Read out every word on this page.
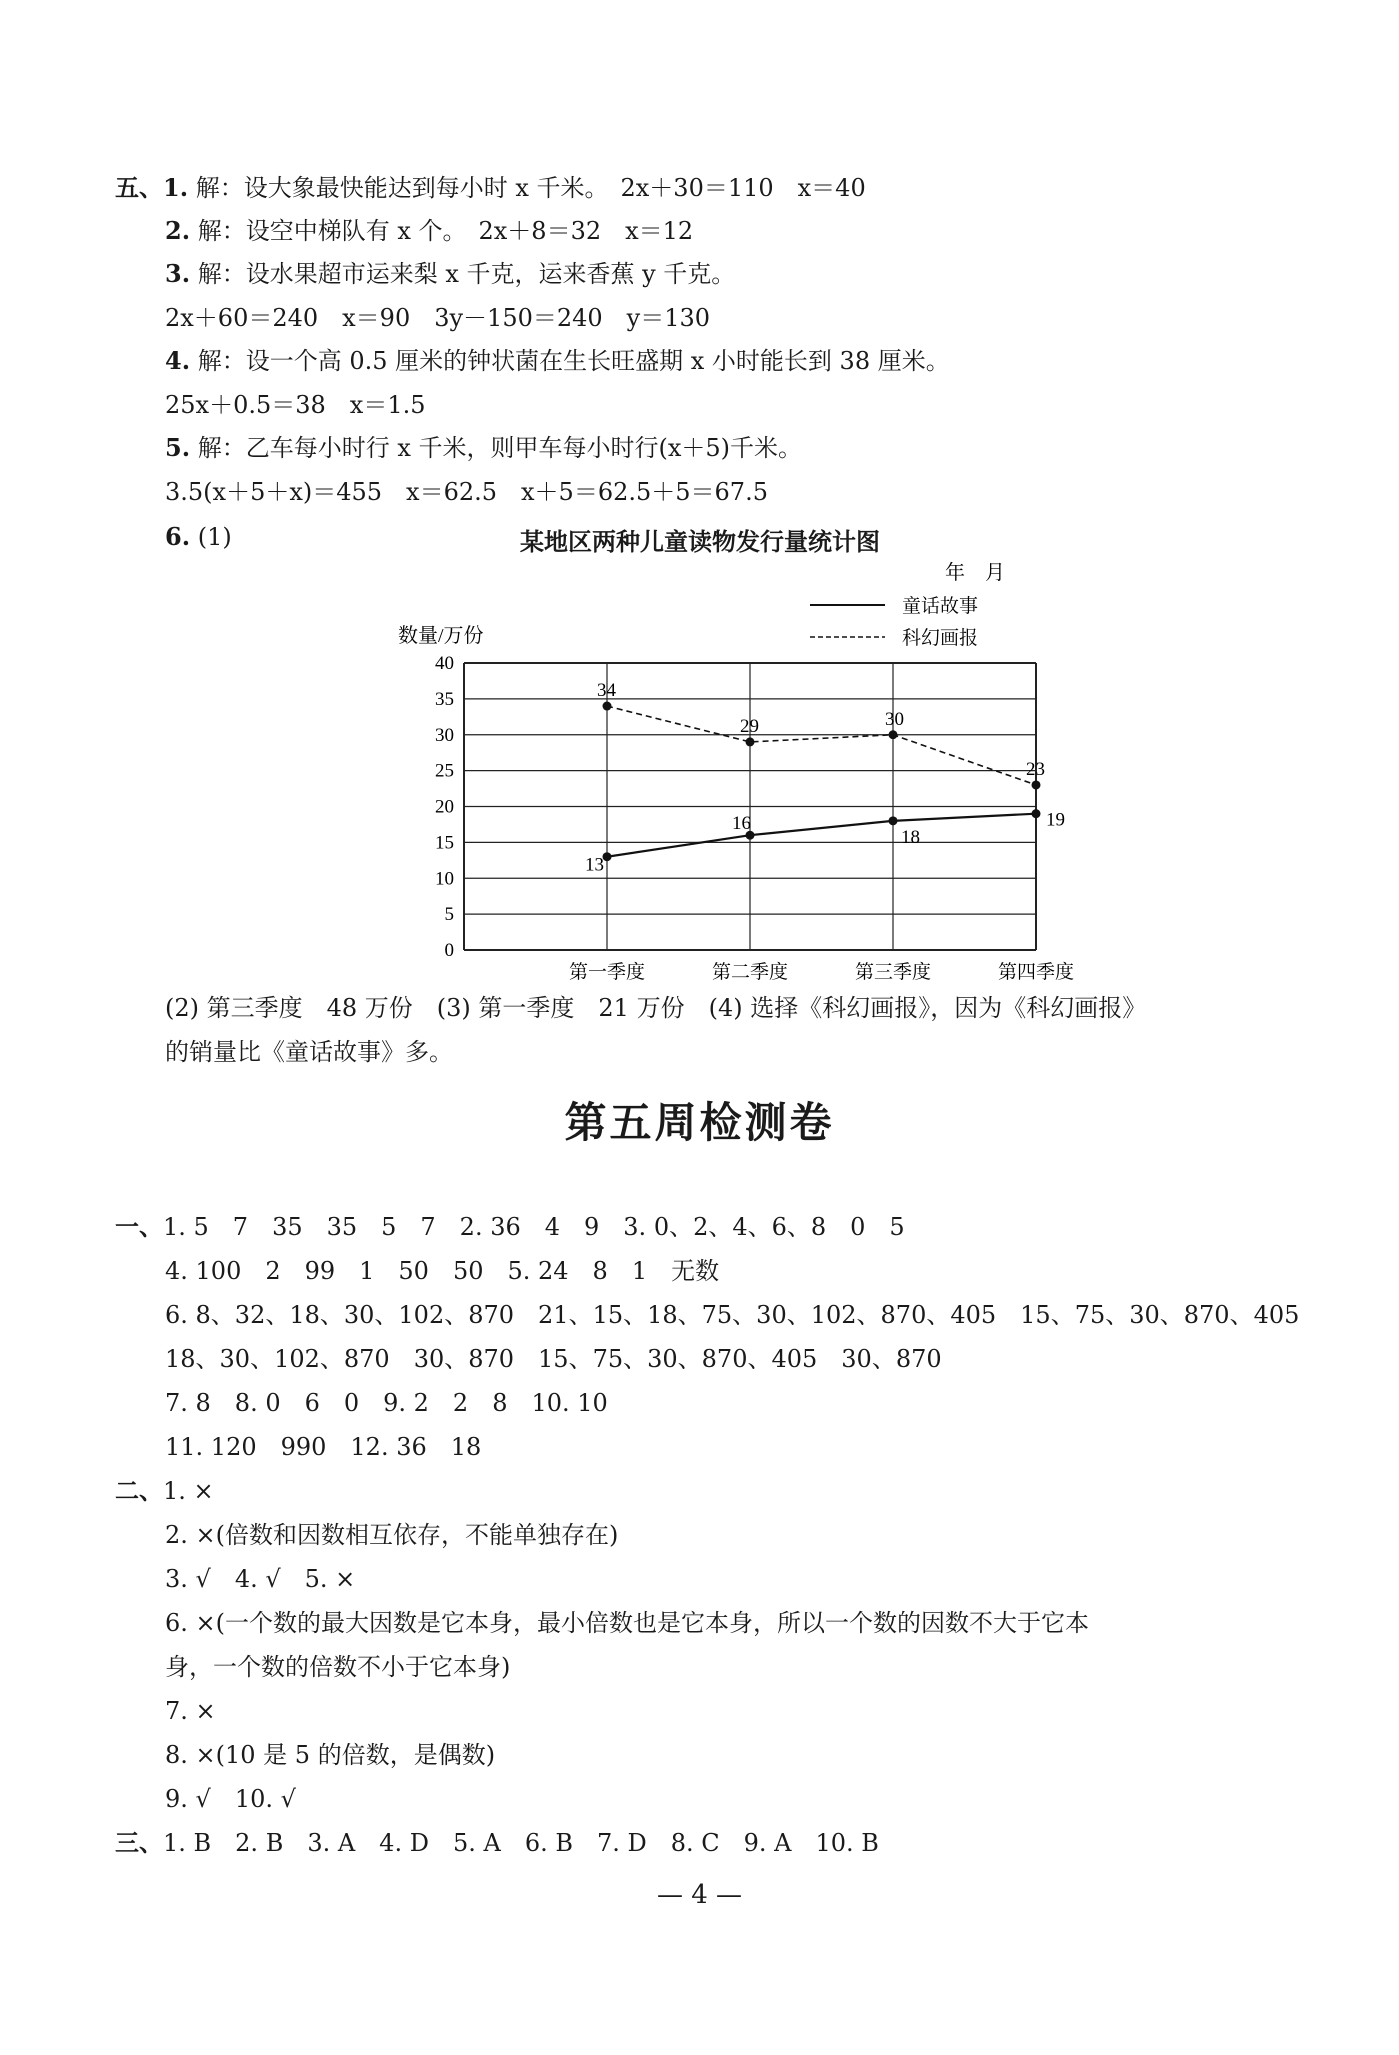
五、1. 解：设大象最快能达到每小时 x 千米。　2x＋30＝110　x＝40
2. 解：设空中梯队有 x 个。　2x＋8＝32　x＝12
3. 解：设水果超市运来梨 x 千克，运来香蕉 y 千克。
2x＋60＝240　x＝90　3y－150＝240　y＝130
4. 解：设一个高 0.5 厘米的钟状菌在生长旺盛期 x 小时能长到 38 厘米。
25x＋0.5＝38　x＝1.5
5. 解：乙车每小时行 x 千米，则甲车每小时行(x＋5)千米。
3.5(x＋5＋x)＝455　x＝62.5　x＋5＝62.5＋5＝67.5
6. (1)	某地区两种儿童读物发行量统计图
年　月
童话故事
科幻画报
数量/万份
0
5
10
15
20
25
30
35
40
第一季度	第二季度	第三季度	第四季度
13
16
18
19
34
29	30
23
(2) 第三季度　48 万份　(3) 第一季度　21 万份　(4) 选择《科幻画报》，因为《科幻画报》
的销量比《童话故事》多。
第五周检测卷
一、1. 5　7　35　35　5　7　2. 36　4　9　3. 0、2、4、6、8　0　5
4. 100　2　99　1　50　50　5. 24　8　1　无数
6. 8、32、18、30、102、870　21、15、18、75、30、102、870、405　15、75、30、870、405
18、30、102、870　30、870　15、75、30、870、405　30、870
7. 8　8. 0　6　0　9. 2　2　8　10. 10
11. 120　990　12. 36　18
二、1. ×
2. ×(倍数和因数相互依存，不能单独存在)
3. √　4. √　5. ×
6. ×(一个数的最大因数是它本身，最小倍数也是它本身，所以一个数的因数不大于它本
身，一个数的倍数不小于它本身)
7. ×
8. ×(10 是 5 的倍数，是偶数)
9. √　10. √
三、1. B　2. B　3. A　4. D　5. A　6. B　7. D　8. C　9. A　10. B
— 4 —
